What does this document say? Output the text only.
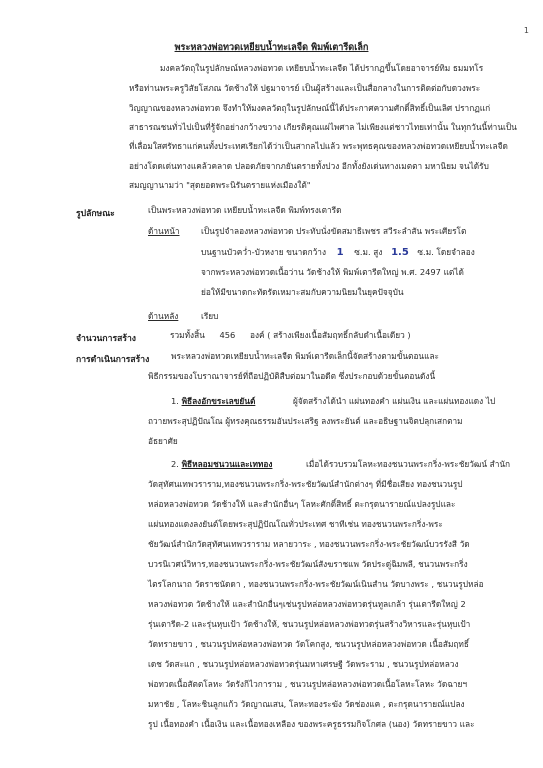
1
พระหลวงพ่อทวดเหยียบน้ำทะเลจืด พิมพ์เตารีดเล็ก
มงคลวัตถุในรูปลักษณ์หลวงพ่อทวด เหยียบน้ำทะเลจืด ได้ปรากฏขึ้นโดยอาจารย์ทิม ธมมทโร
หรือท่านพระครูวิสัยโสภณ วัดช้างให้ ปฐมาจารย์ เป็นผู้สร้างและเป็นสื่อกลางในการติดต่อกับดวงพระ
วิญญาณของหลวงพ่อทวด จึงทำให้มงคลวัตถุในรูปลักษณ์นี้ได้ประกาศความศักดิ์สิทธิ์เป็นเลิศ ปรากฏแก่
สาธารณชนทั่วไปเป็นที่รู้จักอย่างกว้างขวาง เกียรติคุณแผ่ไพศาล ไม่เพียงแต่ชาวไทยเท่านั้น ในทุกวันนี้ท่านเป็น
ที่เลื่อมใสศรัทธาแก่คนทั้งประเทศเรียกได้ว่าเป็นสากลไปแล้ว พระพุทธคุณของหลวงพ่อทวดเหยียบน้ำทะเลจืด
อย่างโดดเด่นทางแคล้วคลาด ปลอดภัยจากภยันตรายทั้งปวง อีกทั้งยังเด่นทางเมตตา มหานิยม จนได้รับ
สมญญานามว่า "สุดยอดพระนิรันตรายแห่งเมืองใต้"
รูปลักษณะ	เป็นพระหลวงพ่อทวด เหยียบน้ำทะเลจืด พิมพ์ทรงเตารีด
ด้านหน้า	เป็นรูปจำลองหลวงพ่อทวด ประทับนั่งขัดสมาธิเพชร สวีระลำสัน พระเศียรโต
บนฐานบัวคว่ำ-บัวหงาย ขนาดกว้าง 1 ซ.ม. สูง 1.5 ซ.ม. โดยจำลอง
จากพระหลวงพ่อทวดเนื้อว่าน วัดช้างให้ พิมพ์เตารีดใหญ่ พ.ศ. 2497 แต่ได้
ย่อให้มีขนาดกะทัดรัดเหมาะสมกับความนิยมในยุคปัจจุบัน
ด้านหลัง	เรียบ
จำนวนการสร้าง	รวมทั้งสิ้น 456 องค์ ( สร้างเพียงเนื้อสัมฤทธิ์กลับดำเนื้อเดียว )
การดำเนินการสร้าง	พระหลวงพ่อทวดเหยียบน้ำทะเลจืด พิมพ์เตารีดเล็กนี้จัดสร้างตามขั้นตอนและ
พิธีกรรมของโบราณาจารย์ที่ถือปฏิบัติสืบต่อมาในอดีต ซึ่งประกอบด้วยขั้นตอนดังนี้
1. พิธีลงอักขระเลขยันต์	ผู้จัดสร้างได้นำ แผ่นทองคำ แผ่นเงิน และแผ่นทองแดง ไป
ถวายพระสุปฏิปัณโณ ผู้ทรงคุณธรรมอันประเสริฐ ลงพระยันต์ และอธิษฐานจิตปลุกเสกตาม
อัธยาศัย
2. พิธีหลอมชนวนและเททอง	เมื่อได้รวบรวมโลหะทองชนวนพระกริ่ง-พระชัยวัฒน์ สำนัก
วัดสุทัศนเทพวราราม,ทองชนวนพระกริ่ง-พระชัยวัฒน์สำนักต่างๆ ที่มีชื่อเสียง ทองชนวนรูป
หล่อหลวงพ่อทวด วัดช้างให้ และสำนักอื่นๆ โลหะศักดิ์สิทธิ์ ตะกรุดนารายณ์แปลงรูปและ
แผ่นทองแดงลงยันต์โดยพระสุปฏิปัณโณทั่วประเทศ ชาทีเช่น ทองชนวนพระกริ่ง-พระ
ชัยวัฒน์สำนักวัดสุทัศนเทพวราราม หลายวาระ , ทองชนวนพระกริ่ง-พระชัยวัฒน์บวรรังสี วัด
บวรนิเวศน์วิหาร,ทองชนวนพระกริ่ง-พระชัยวัฒน์สังฆราชแพ วัดประดู่ฉิมพลี, ชนวนพระกริ่ง
ไตรโลกนาถ วัดราชนัดดา , ทองชนวนพระกริ่ง-พระชัยวัฒน์เนินสำน วัดบางพระ , ชนวนรูปหล่อ
หลวงพ่อทวด วัดช้างให้ และสำนักอื่นๆเช่นรูปหล่อหลวงพ่อทวดรุ่นทูลเกล้า รุ่นเตารีดใหญ่ 2
รุ่นเตารีด-2 และรุ่นหุบเป้า วัดช้างให้, ชนวนรูปหล่อหลวงพ่อทวดรุ่นสร้างวิหารและรุ่นหุบเป้า
วัดทรายขาว , ชนวนรูปหล่อหลวงพ่อทวด วัดโคกสูง, ชนวนรูปหล่อหลวงพ่อทวด เนื้อสัมฤทธิ์
เดช วัดสะแก , ชนวนรูปหล่อหลวงพ่อทวดรุ่นมหาเศรษฐี วัดพระราม , ชนวนรูปหล่อหลวง
พ่อทวดเนื้อสัตตโลหะ วัดรังกิไวการาม , ชนวนรูปหล่อหลวงพ่อทวดเนื้อโลหะโลหะ วัดฉายฯ
มหาชัย , โลหะชินลูกแก้ว วัดญาณเสน, โลหะทองระฆัง วัดช่องแค , ตะกรุดนารายณ์แปลง
รูป เนื้อทองคำ เนื้อเงิน และเนื้อทองเหลือง ของพระครูธรรมกิจโกศล (นอง) วัดทรายขาว และ
